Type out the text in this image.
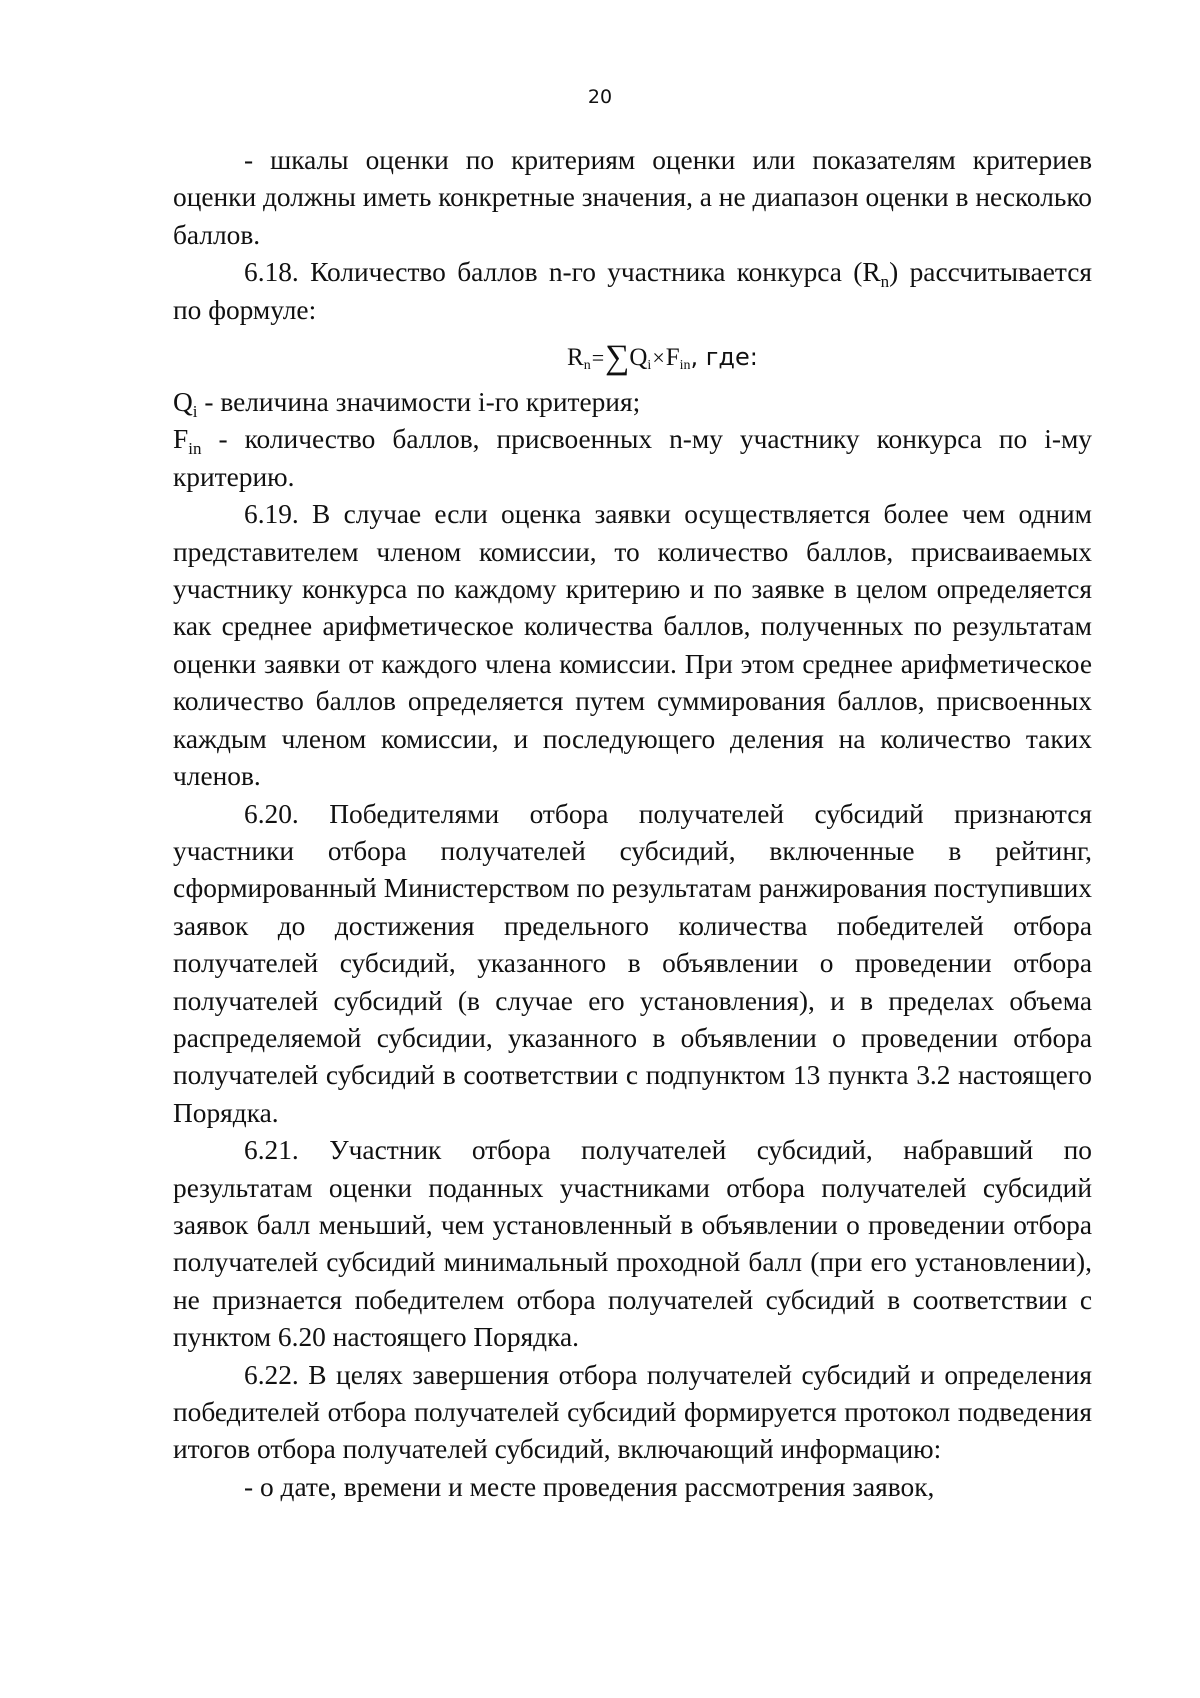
20

- шкалы оценки по критериям оценки или показателям критериев оценки должны иметь конкретные значения, а не диапазон оценки в несколько баллов.

6.18. Количество баллов n-го участника конкурса $(R_n)$ рассчитывается по формуле:

Rn=∑Qi×Fin, где:

$Q_i$ - величина значимости i-го критерия;

$F_{in}$ - количество баллов, присвоенных n-му участнику конкурса по i-му критерию.

6.19. В случае если оценка заявки осуществляется более чем одним представителем членом комиссии, то количество баллов, присваиваемых участнику конкурса по каждому критерию и по заявке в целом определяется как среднее арифметическое количества баллов, полученных по результатам оценки заявки от каждого члена комиссии. При этом среднее арифметическое количество баллов определяется путем суммирования баллов, присвоенных каждым членом комиссии, и последующего деления на количество таких членов.

6.20. Победителями отбора получателей субсидий признаются участники отбора получателей субсидий, включенные в рейтинг, сформированный Министерством по результатам ранжирования поступивших заявок до достижения предельного количества победителей отбора получателей субсидий, указанного в объявлении о проведении отбора получателей субсидий (в случае его установления), и в пределах объема распределяемой субсидии, указанного в объявлении о проведении отбора получателей субсидий в соответствии с подпунктом 13 пункта 3.2 настоящего Порядка.

6.21. Участник отбора получателей субсидий, набравший по результатам оценки поданных участниками отбора получателей субсидий заявок балл меньший, чем установленный в объявлении о проведении отбора получателей субсидий минимальный проходной балл (при его установлении), не признается победителем отбора получателей субсидий в соответствии с пунктом 6.20 настоящего Порядка.

6.22. В целях завершения отбора получателей субсидий и определения победителей отбора получателей субсидий формируется протокол подведения итогов отбора получателей субсидий, включающий информацию:

- о дате, времени и месте проведения рассмотрения заявок,
